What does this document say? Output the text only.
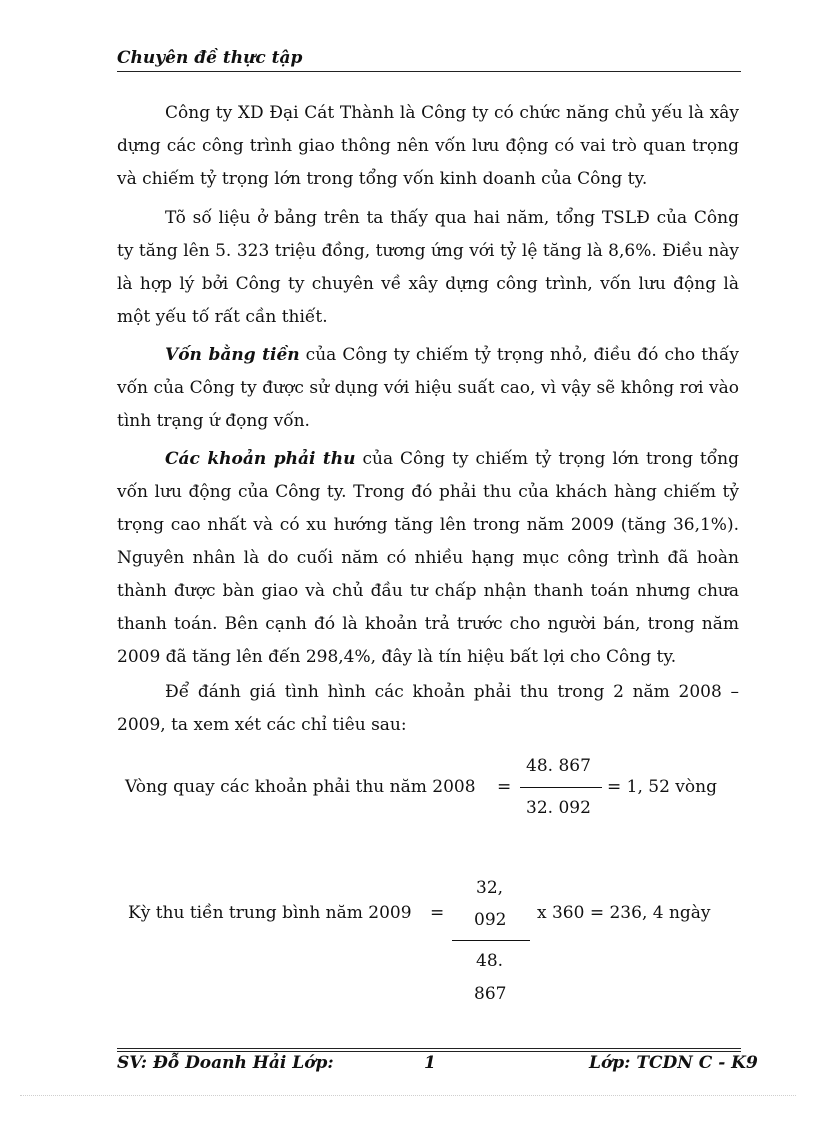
Chuyên đề thực tập

Công ty XD Đại Cát Thành là Công ty có chức năng chủ yếu là xây dựng các công trình giao thông nên vốn lưu động có vai trò quan trọng và chiếm tỷ trọng lớn trong tổng vốn kinh doanh của Công ty.

Tõ số liệu ở bảng trên ta thấy qua hai năm, tổng TSLĐ của Công ty tăng lên 5. 323 triệu đồng, tương ứng với tỷ lệ tăng là 8,6%. Điều này là hợp lý bởi Công ty chuyên về xây dựng công trình, vốn lưu động là một yếu tố rất cần thiết.

Vốn bằng tiền của Công ty chiếm tỷ trọng nhỏ, điều đó cho thấy vốn của Công ty được sử dụng với hiệu suất cao, vì vậy sẽ không rơi vào tình trạng ứ đọng vốn.

Các khoản phải thu của Công ty chiếm tỷ trọng lớn trong tổng vốn lưu động của Công ty. Trong đó phải thu của khách hàng chiếm tỷ trọng cao nhất và có xu hướng tăng lên trong năm 2009 (tăng 36,1%). Nguyên nhân là do cuối năm có nhiều hạng mục công trình đã hoàn thành được bàn giao và chủ đầu tư chấp nhận thanh toán nhưng chưa thanh toán. Bên cạnh đó là khoản trả trước cho người bán, trong năm 2009 đã tăng lên đến 298,4%, đây là tín hiệu bất lợi cho Công ty.

Để đánh giá tình hình các khoản phải thu trong 2 năm 2008 – 2009, ta xem xét các chỉ tiêu sau:

Vòng quay các khoản phải thu năm 2008 =
48. 867
32. 092
= 1, 52 vòng
Kỳ thu tiền trung bình năm 2009 =
32,
092
48.
867
x 360 = 236, 4 ngày
SV: Đỗ Doanh Hải Lớp:	1	Lớp: TCDN C - K9
